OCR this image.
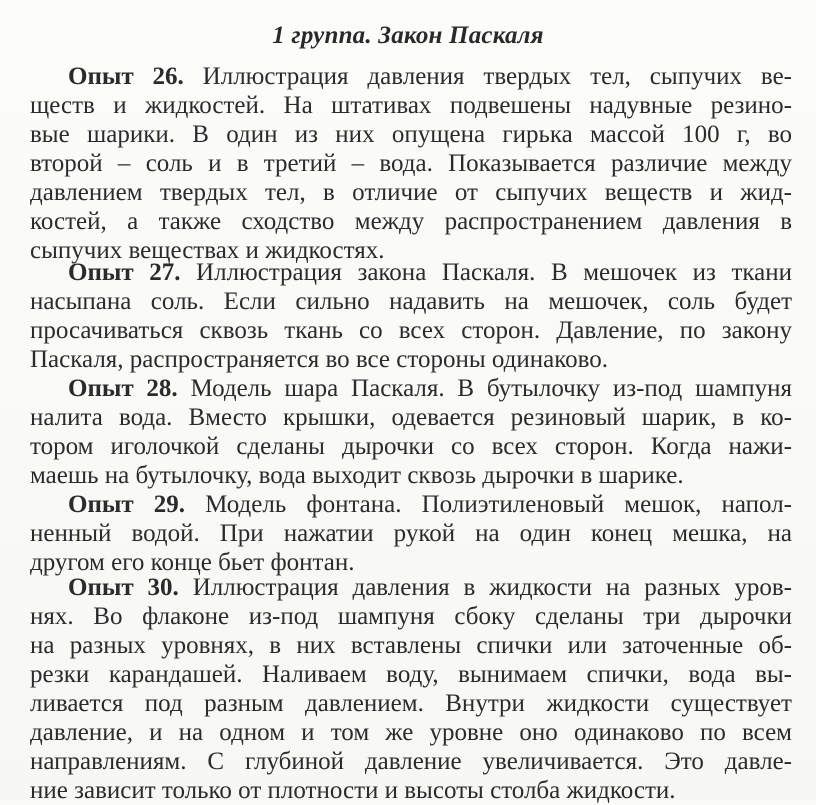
1 группа. Закон Паскаля
Опыт 26. Иллюстрация давления твердых тел, сыпучих ве-
ществ и жидкостей. На штативах подвешены надувные резино-
вые шарики. В один из них опущена гирька массой 100 г, во
второй – соль и в третий – вода. Показывается различие между
давлением твердых тел, в отличие от сыпучих веществ и жид-
костей, а также сходство между распространением давления в
сыпучих веществах и жидкостях.
Опыт 27. Иллюстрация закона Паскаля. В мешочек из ткани
насыпана соль. Если сильно надавить на мешочек, соль будет
просачиваться сквозь ткань со всех сторон. Давление, по закону
Паскаля, распространяется во все стороны одинаково.
Опыт 28. Модель шара Паскаля. В бутылочку из-под шампуня
налита вода. Вместо крышки, одевается резиновый шарик, в ко-
тором иголочкой сделаны дырочки со всех сторон. Когда нажи-
маешь на бутылочку, вода выходит сквозь дырочки в шарике.
Опыт 29. Модель фонтана. Полиэтиленовый мешок, напол-
ненный водой. При нажатии рукой на один конец мешка, на
другом его конце бьет фонтан.
Опыт 30. Иллюстрация давления в жидкости на разных уров-
нях. Во флаконе из-под шампуня сбоку сделаны три дырочки
на разных уровнях, в них вставлены спички или заточенные об-
резки карандашей. Наливаем воду, вынимаем спички, вода вы-
ливается под разным давлением. Внутри жидкости существует
давление, и на одном и том же уровне оно одинаково по всем
направлениям. С глубиной давление увеличивается. Это давле-
ние зависит только от плотности и высоты столба жидкости.
